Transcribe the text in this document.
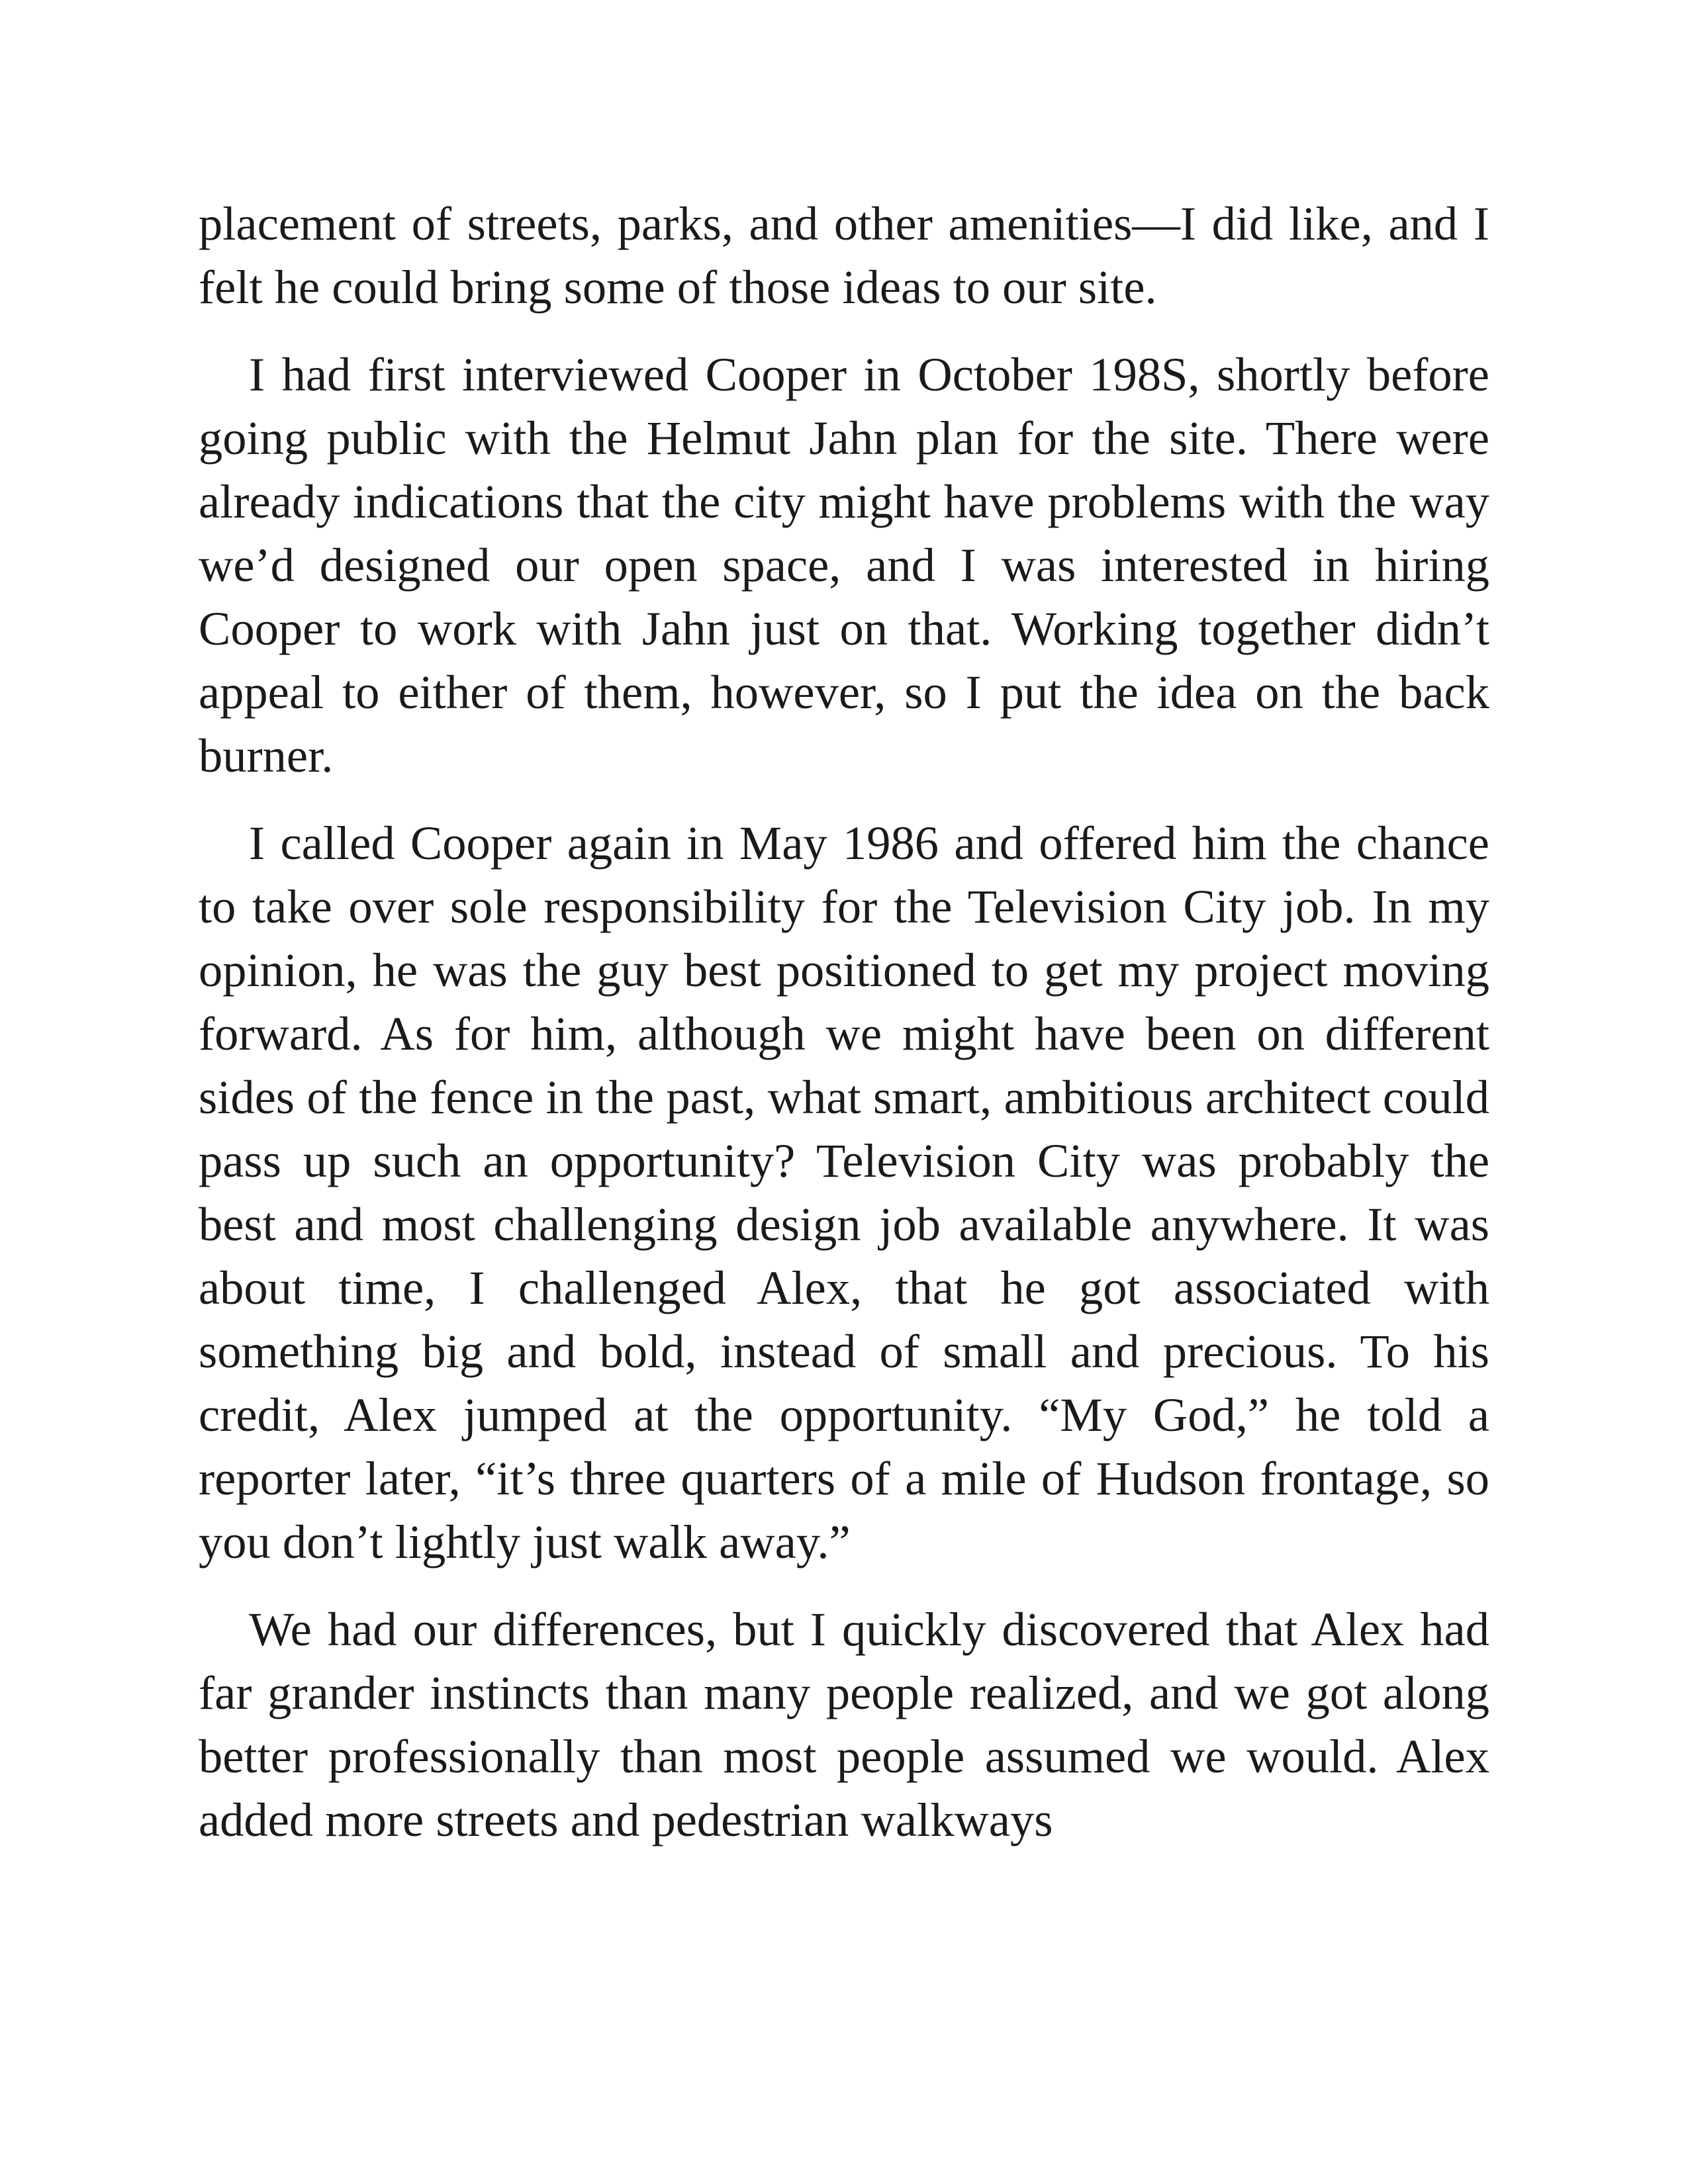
placement of streets, parks, and other amenities—I did like, and I felt he could bring some of those ideas to our site.

I had first interviewed Cooper in October 198S, shortly before going public with the Helmut Jahn plan for the site. There were already indications that the city might have problems with the way we’d designed our open space, and I was interested in hiring Cooper to work with Jahn just on that. Working together didn’t appeal to either of them, however, so I put the idea on the back burner.

I called Cooper again in May 1986 and offered him the chance to take over sole responsibility for the Television City job. In my opinion, he was the guy best positioned to get my project moving forward. As for him, although we might have been on different sides of the fence in the past, what smart, ambitious architect could pass up such an opportunity? Television City was probably the best and most challenging design job available anywhere. It was about time, I challenged Alex, that he got associated with something big and bold, instead of small and precious. To his credit, Alex jumped at the opportunity. “My God,” he told a reporter later, “it’s three quarters of a mile of Hudson frontage, so you don’t lightly just walk away.”

We had our differences, but I quickly discovered that Alex had far grander instincts than many people realized, and we got along better professionally than most people assumed we would. Alex added more streets and pedestrian walkways
